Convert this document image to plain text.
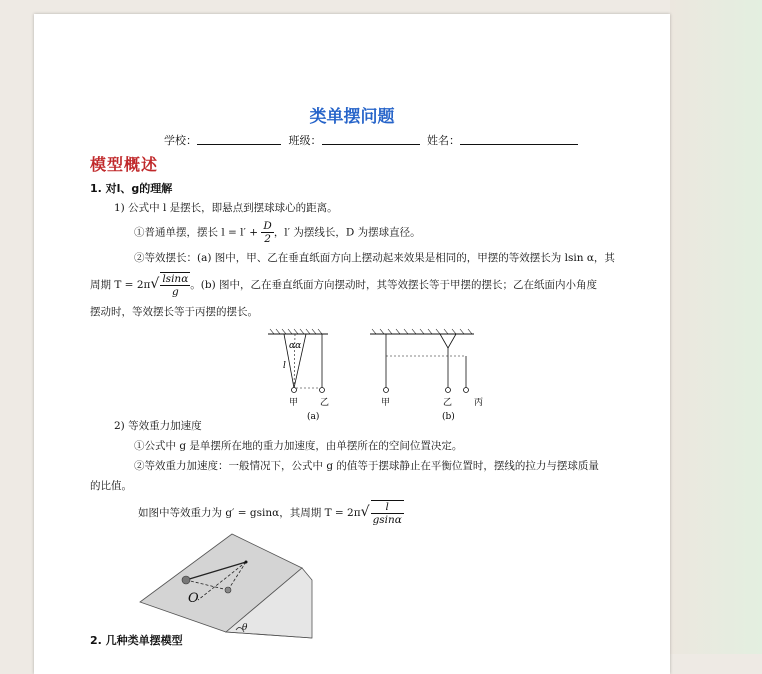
类单摆问题
学校：	班级：	姓名：
模型概述
1. 对l、g的理解
1) 公式中 l 是摆长，即悬点到摆球球心的距离。
①普通单摆，摆长 $l = l' + \frac{D}{2}$ ，l′ 为摆线长，D 为摆球直径。
②等效摆长：(a) 图中，甲、乙在垂直纸面方向上摆动起来效果是相同的，甲摆的等效摆长为 lsin α，其
周期 $T = 2\pi√ \frac{lsin\alpha}{g}$ 。(b) 图中，乙在垂直纸面方向摆动时，其等效摆长等于甲摆的摆长；乙在纸面内小角度
摆动时，等效摆长等于丙摆的摆长。
αα
l
甲 乙
(a)
甲	乙 丙
(b)
2) 等效重力加速度
①公式中 g 是单摆所在地的重力加速度，由单摆所在的空间位置决定。
②等效重力加速度：一般情况下，公式中 g 的值等于摆球静止在平衡位置时，摆线的拉力与摆球质量
的比值。
如图中等效重力为 g′ = gsinα，其周期 $T = 2\pi√ \frac{l}{gsin\alpha}$
O
θ
2. 几种类单摆模型
